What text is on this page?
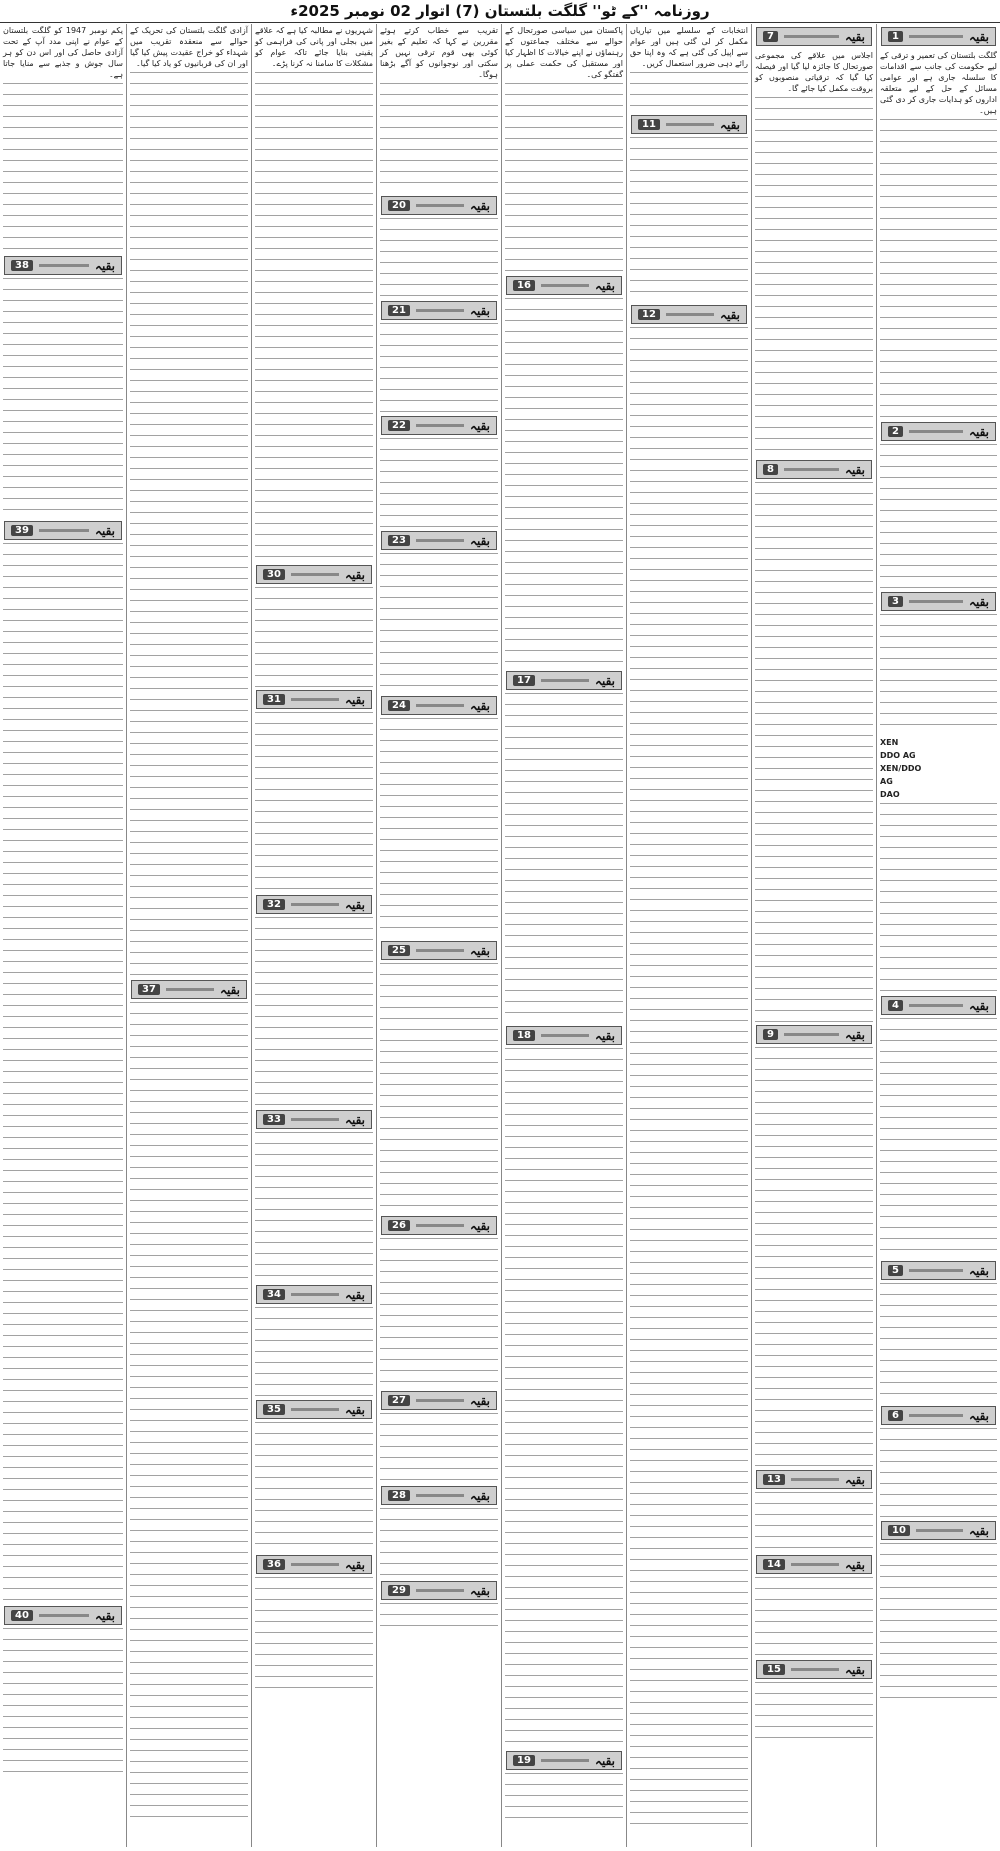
روزنامہ ''کے ٹو'' گلگت بلتستان (7) اتوار 02 نومبر 2025ء
بقیہ
1
گلگت بلتستان کی تعمیر و ترقی کے لیے حکومت کی جانب سے اقدامات کا سلسلہ جاری ہے اور عوامی مسائل کے حل کے لیے متعلقہ اداروں کو ہدایات جاری کر دی گئی ہیں۔
بقیہ
2
بقیہ
3
XEN
DDO AG
XEN/DDO
AG
DAO
بقیہ
4
بقیہ
5
بقیہ
6
بقیہ
10
بقیہ
7
اجلاس میں علاقے کی مجموعی صورتحال کا جائزہ لیا گیا اور فیصلہ کیا گیا کہ ترقیاتی منصوبوں کو بروقت مکمل کیا جائے گا۔
بقیہ
8
بقیہ
9
بقیہ
13
بقیہ
14
بقیہ
15
انتخابات کے سلسلے میں تیاریاں مکمل کر لی گئی ہیں اور عوام سے اپیل کی گئی ہے کہ وہ اپنا حق رائے دہی ضرور استعمال کریں۔
بقیہ
11
بقیہ
12
پاکستان میں سیاسی صورتحال کے حوالے سے مختلف جماعتوں کے رہنماؤں نے اپنے خیالات کا اظہار کیا اور مستقبل کی حکمت عملی پر گفتگو کی۔
بقیہ
16
بقیہ
17
بقیہ
18
بقیہ
19
تقریب سے خطاب کرتے ہوئے مقررین نے کہا کہ تعلیم کے بغیر کوئی بھی قوم ترقی نہیں کر سکتی اور نوجوانوں کو آگے بڑھنا ہوگا۔
بقیہ
20
بقیہ
21
بقیہ
22
بقیہ
23
بقیہ
24
بقیہ
25
بقیہ
26
بقیہ
27
بقیہ
28
بقیہ
29
شہریوں نے مطالبہ کیا ہے کہ علاقے میں بجلی اور پانی کی فراہمی کو یقینی بنایا جائے تاکہ عوام کو مشکلات کا سامنا نہ کرنا پڑے۔
بقیہ
30
بقیہ
31
بقیہ
32
بقیہ
33
بقیہ
34
بقیہ
35
بقیہ
36
آزادی گلگت بلتستان کی تحریک کے حوالے سے منعقدہ تقریب میں شہداء کو خراج عقیدت پیش کیا گیا اور ان کی قربانیوں کو یاد کیا گیا۔
بقیہ
37
یکم نومبر 1947 کو گلگت بلتستان کے عوام نے اپنی مدد آپ کے تحت آزادی حاصل کی اور اس دن کو ہر سال جوش و جذبے سے منایا جاتا ہے۔
بقیہ
38
بقیہ
39
بقیہ
40
